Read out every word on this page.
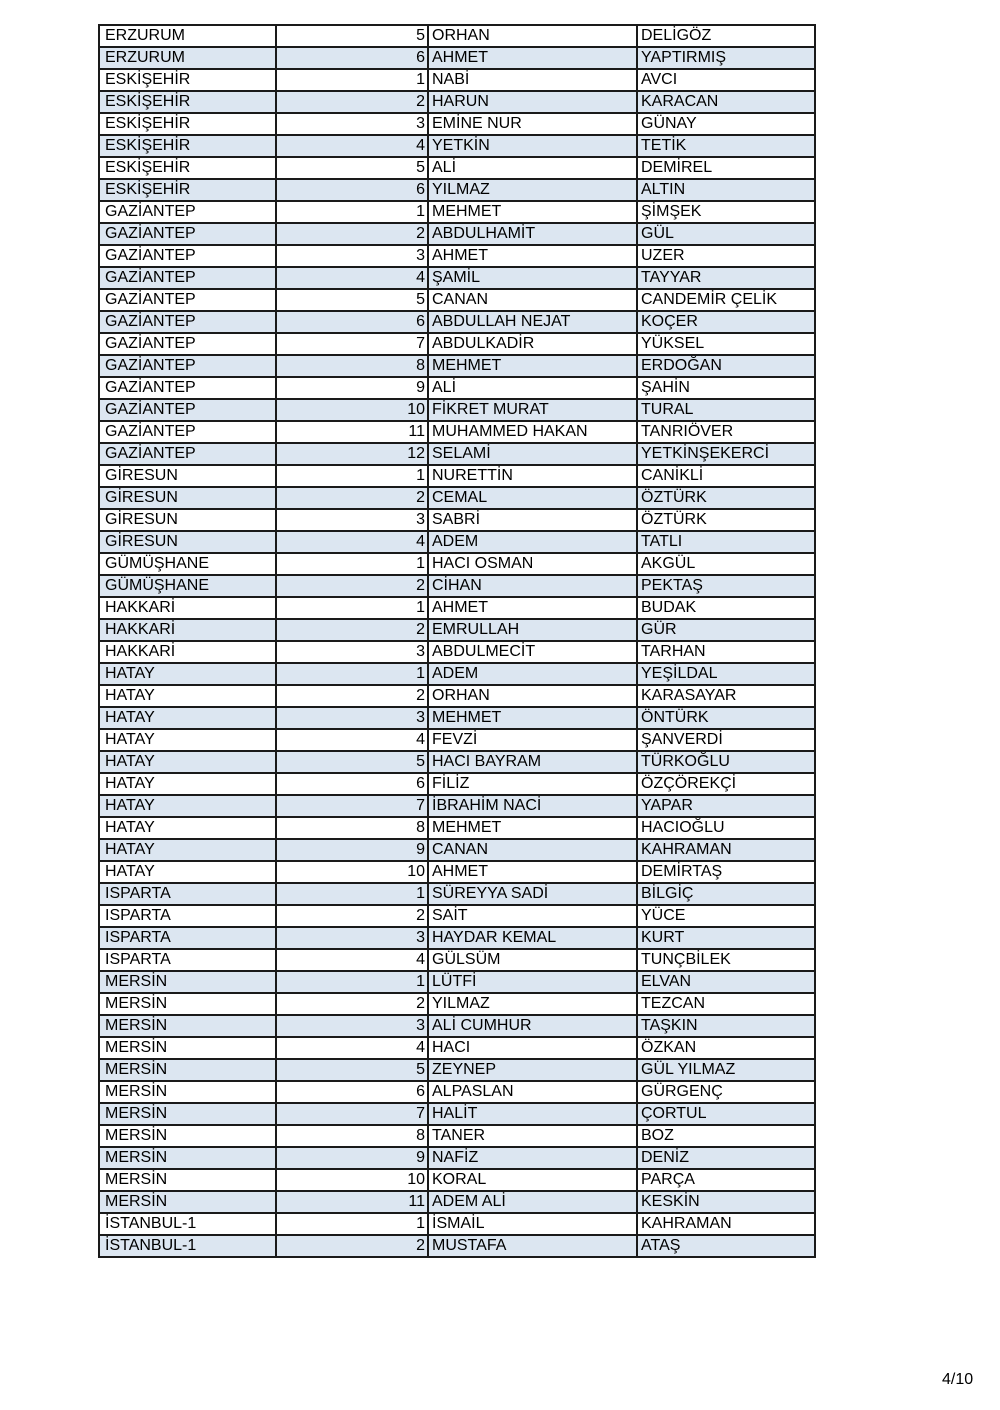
ERZURUM	5	ORHAN	DELİGÖZ
ERZURUM	6	AHMET	YAPTIRMIŞ
ESKİŞEHİR	1	NABİ	AVCI
ESKİŞEHİR	2	HARUN	KARACAN
ESKİŞEHİR	3	EMİNE NUR	GÜNAY
ESKİŞEHİR	4	YETKİN	TETİK
ESKİŞEHİR	5	ALİ	DEMİREL
ESKİŞEHİR	6	YILMAZ	ALTIN
GAZİANTEP	1	MEHMET	ŞİMŞEK
GAZİANTEP	2	ABDULHAMİT	GÜL
GAZİANTEP	3	AHMET	UZER
GAZİANTEP	4	ŞAMİL	TAYYAR
GAZİANTEP	5	CANAN	CANDEMİR ÇELİK
GAZİANTEP	6	ABDULLAH NEJAT	KOÇER
GAZİANTEP	7	ABDULKADİR	YÜKSEL
GAZİANTEP	8	MEHMET	ERDOĞAN
GAZİANTEP	9	ALİ	ŞAHİN
GAZİANTEP	10	FİKRET MURAT	TURAL
GAZİANTEP	11	MUHAMMED HAKAN	TANRIÖVER
GAZİANTEP	12	SELAMİ	YETKİNŞEKERCİ
GİRESUN	1	NURETTİN	CANİKLİ
GİRESUN	2	CEMAL	ÖZTÜRK
GİRESUN	3	SABRİ	ÖZTÜRK
GİRESUN	4	ADEM	TATLI
GÜMÜŞHANE	1	HACI OSMAN	AKGÜL
GÜMÜŞHANE	2	CİHAN	PEKTAŞ
HAKKARİ	1	AHMET	BUDAK
HAKKARİ	2	EMRULLAH	GÜR
HAKKARİ	3	ABDULMECİT	TARHAN
HATAY	1	ADEM	YEŞİLDAL
HATAY	2	ORHAN	KARASAYAR
HATAY	3	MEHMET	ÖNTÜRK
HATAY	4	FEVZİ	ŞANVERDİ
HATAY	5	HACI BAYRAM	TÜRKOĞLU
HATAY	6	FİLİZ	ÖZÇÖREKÇİ
HATAY	7	İBRAHİM NACİ	YAPAR
HATAY	8	MEHMET	HACIOĞLU
HATAY	9	CANAN	KAHRAMAN
HATAY	10	AHMET	DEMİRTAŞ
ISPARTA	1	SÜREYYA SADİ	BİLGİÇ
ISPARTA	2	SAİT	YÜCE
ISPARTA	3	HAYDAR KEMAL	KURT
ISPARTA	4	GÜLSÜM	TUNÇBİLEK
MERSİN	1	LÜTFİ	ELVAN
MERSİN	2	YILMAZ	TEZCAN
MERSİN	3	ALİ CUMHUR	TAŞKIN
MERSİN	4	HACI	ÖZKAN
MERSİN	5	ZEYNEP	GÜL YILMAZ
MERSİN	6	ALPASLAN	GÜRGENÇ
MERSİN	7	HALİT	ÇORTUL
MERSİN	8	TANER	BOZ
MERSİN	9	NAFİZ	DENİZ
MERSİN	10	KORAL	PARÇA
MERSİN	11	ADEM ALİ	KESKİN
İSTANBUL-1	1	İSMAİL	KAHRAMAN
İSTANBUL-1	2	MUSTAFA	ATAŞ
4/10
